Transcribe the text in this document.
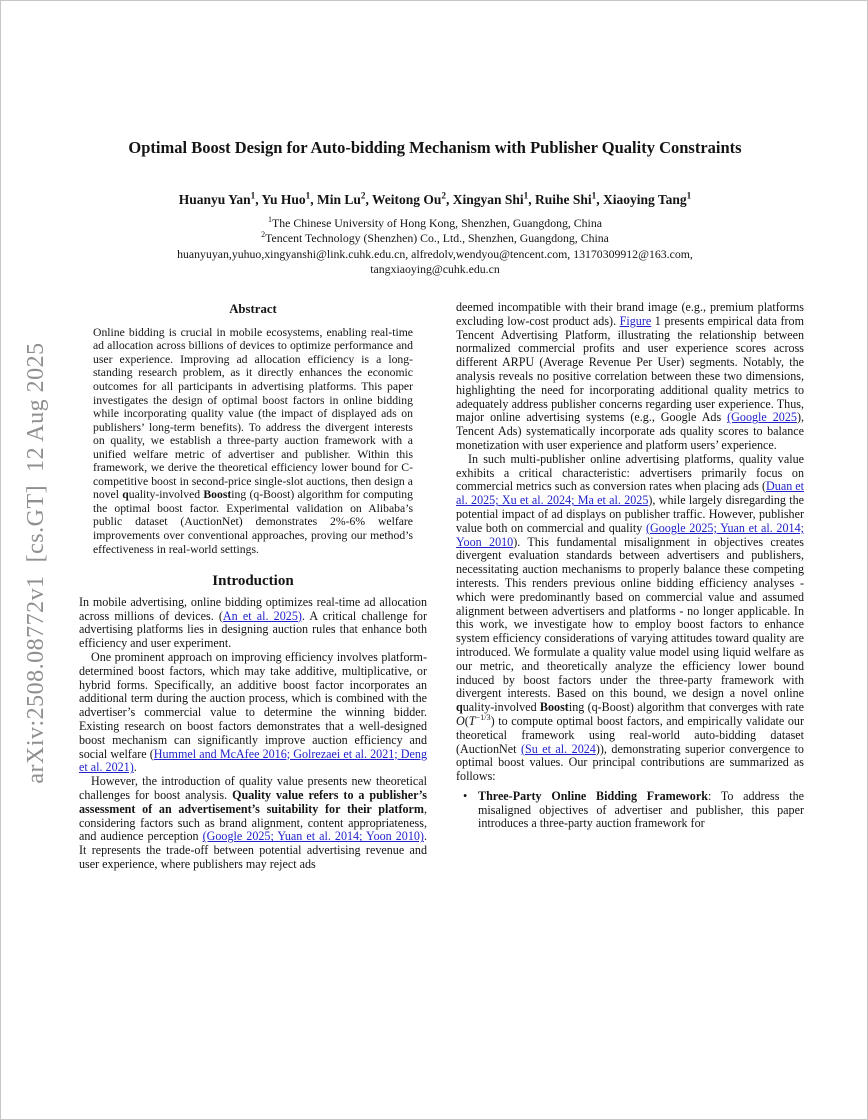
arXiv:2508.08772v1  [cs.GT]  12 Aug 2025
Optimal Boost Design for Auto-bidding Mechanism with Publisher Quality Constraints
Huanyu Yan$^1$, Yu Huo$^1$, Min Lu$^2$, Weitong Ou$^2$, Xingyan Shi$^1$, Ruihe Shi$^1$, Xiaoying Tang$^1$
$^1$The Chinese University of Hong Kong, Shenzhen, Guangdong, China
$^2$Tencent Technology (Shenzhen) Co., Ltd., Shenzhen, Guangdong, China
huanyuyan,yuhuo,xingyanshi@link.cuhk.edu.cn, alfredolv,wendyou@tencent.com, 13170309912@163.com,
tangxiaoying@cuhk.edu.cn
Abstract
Online bidding is crucial in mobile ecosystems, enabling real-time ad allocation across billions of devices to optimize performance and user experience. Improving ad allocation efficiency is a long-standing research problem, as it directly enhances the economic outcomes for all participants in advertising platforms. This paper investigates the design of optimal boost factors in online bidding while incorporating quality value (the impact of displayed ads on publishers’ long-term benefits). To address the divergent interests on quality, we establish a three-party auction framework with a unified welfare metric of advertiser and publisher. Within this framework, we derive the theoretical efficiency lower bound for C-competitive boost in second-price single-slot auctions, then design a novel quality-involved Boosting (q-Boost) algorithm for computing the optimal boost factor. Experimental validation on Alibaba’s public dataset (AuctionNet) demonstrates 2%-6% welfare improvements over conventional approaches, proving our method’s effectiveness in real-world settings.
Introduction

In mobile advertising, online bidding optimizes real-time ad allocation across millions of devices. (An et al. 2025). A critical challenge for advertising platforms lies in designing auction rules that enhance both efficiency and user experiment.

One prominent approach on improving efficiency involves platform-determined boost factors, which may take additive, multiplicative, or hybrid forms. Specifically, an additive boost factor incorporates an additional term during the auction process, which is combined with the advertiser’s commercial value to determine the winning bidder. Existing research on boost factors demonstrates that a well-designed boost mechanism can significantly improve auction efficiency and social welfare (Hummel and McAfee 2016; Golrezaei et al. 2021; Deng et al. 2021).

However, the introduction of quality value presents new theoretical challenges for boost analysis. Quality value refers to a publisher’s assessment of an advertisement’s suitability for their platform, considering factors such as brand alignment, content appropriateness, and audience perception (Google 2025; Yuan et al. 2014; Yoon 2010). It represents the trade-off between potential advertising revenue and user experience, where publishers may reject ads

deemed incompatible with their brand image (e.g., premium platforms excluding low-cost product ads). Figure 1 presents empirical data from Tencent Advertising Platform, illustrating the relationship between normalized commercial profits and user experience scores across different ARPU (Average Revenue Per User) segments. Notably, the analysis reveals no positive correlation between these two dimensions, highlighting the need for incorporating additional quality metrics to adequately address publisher concerns regarding user experience. Thus, major online advertising systems (e.g., Google Ads (Google 2025), Tencent Ads) systematically incorporate ads quality scores to balance monetization with user experience and platform users’ experience.

In such multi-publisher online advertising platforms, quality value exhibits a critical characteristic: advertisers primarily focus on commercial metrics such as conversion rates when placing ads (Duan et al. 2025; Xu et al. 2024; Ma et al. 2025), while largely disregarding the potential impact of ad displays on publisher traffic. However, publisher value both on commercial and quality (Google 2025; Yuan et al. 2014; Yoon 2010). This fundamental misalignment in objectives creates divergent evaluation standards between advertisers and publishers, necessitating auction mechanisms to properly balance these competing interests. This renders previous online bidding efficiency analyses - which were predominantly based on commercial value and assumed alignment between advertisers and platforms - no longer applicable. In this work, we investigate how to employ boost factors to enhance system efficiency considerations of varying attitudes toward quality are introduced. We formulate a quality value model using liquid welfare as our metric, and theoretically analyze the efficiency lower bound induced by boost factors under the three-party framework with divergent interests. Based on this bound, we design a novel online quality-involved Boosting (q-Boost) algorithm that converges with rate $O(T^{-1/3})$ to compute optimal boost factors, and empirically validate our theoretical framework using real-world auto-bidding dataset (AuctionNet (Su et al. 2024)), demonstrating superior convergence to optimal boost values. Our principal contributions are summarized as follows:

• Three-Party Online Bidding Framework: To address the misaligned objectives of advertiser and publisher, this paper introduces a three-party auction framework for
